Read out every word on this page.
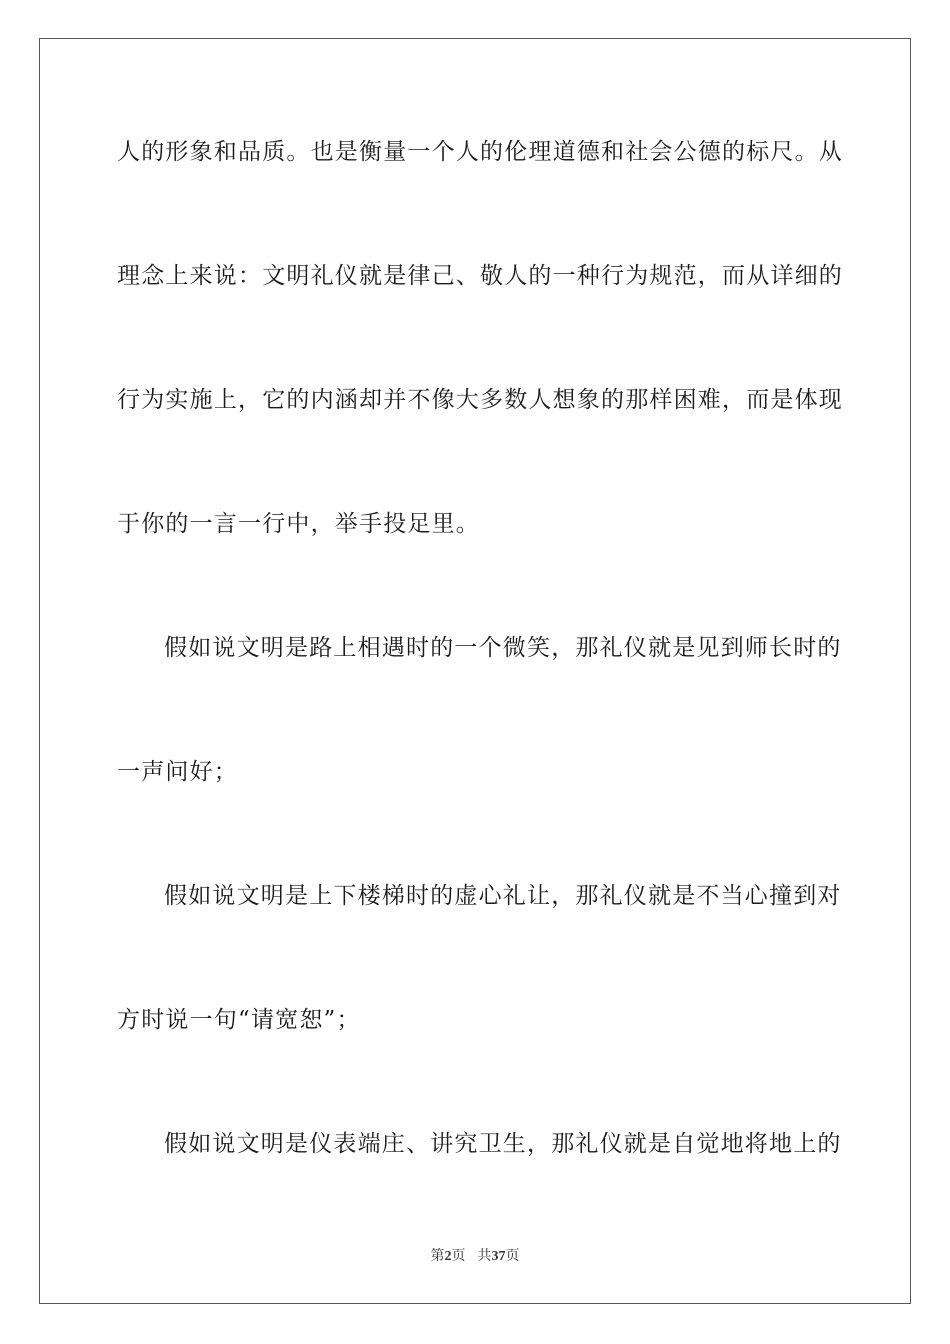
人的形象和品质。也是衡量一个人的伦理道德和社会公德的标尺。从
理念上来说：文明礼仪就是律己、敬人的一种行为规范，而从详细的
行为实施上，它的内涵却并不像大多数人想象的那样困难，而是体现
于你的一言一行中，举手投足里。
假如说文明是路上相遇时的一个微笑，那礼仪就是见到师长时的
一声问好；
假如说文明是上下楼梯时的虚心礼让，那礼仪就是不当心撞到对
方时说一句“请宽恕”；
假如说文明是仪表端庄、讲究卫生，那礼仪就是自觉地将地上的
第2页 共37页
